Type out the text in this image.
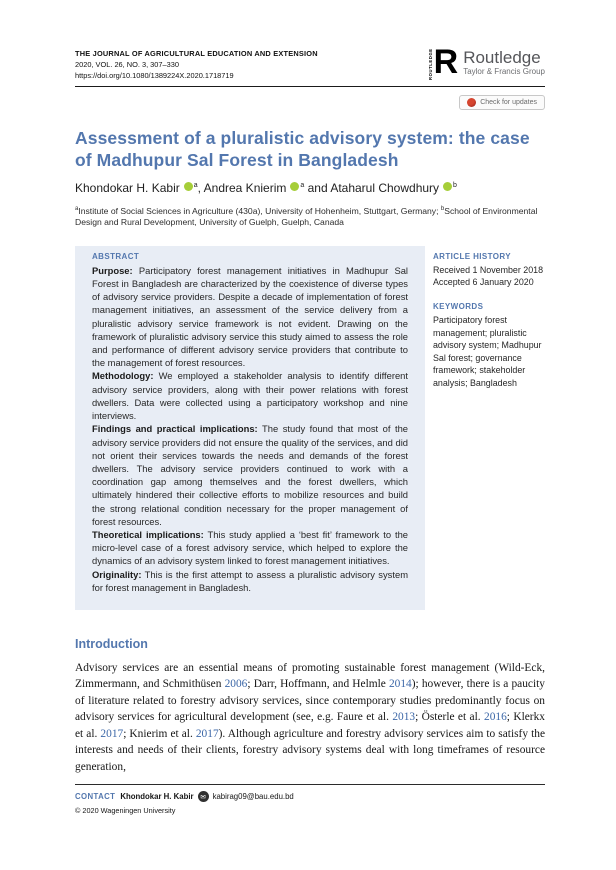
THE JOURNAL OF AGRICULTURAL EDUCATION AND EXTENSION
2020, VOL. 26, NO. 3, 307–330
https://doi.org/10.1080/1389224X.2020.1718719	ROUTLEDGE R Routledge
Taylor & Francis Group
Check for updates
Assessment of a pluralistic advisory system: the case of Madhupur Sal Forest in Bangladesh
Khondokar H. Kabir $^a$, Andrea Knierim $^a$ and Ataharul Chowdhury $^b$
$^a$Institute of Social Sciences in Agriculture (430a), University of Hohenheim, Stuttgart, Germany; $^b$School of Environmental Design and Rural Development, University of Guelph, Guelph, Canada
ABSTRACT
Purpose: Participatory forest management initiatives in Madhupur Sal Forest in Bangladesh are characterized by the coexistence of diverse types of advisory service providers. Despite a decade of implementation of forest management initiatives, an assessment of the service delivery from a pluralistic advisory service framework is not evident. Drawing on the framework of pluralistic advisory service this study aimed to assess the role and performance of different advisory service providers that contribute to the management of forest resources.
Methodology: We employed a stakeholder analysis to identify different advisory service providers, along with their power relations with forest dwellers. Data were collected using a participatory workshop and nine interviews.
Findings and practical implications: The study found that most of the advisory service providers did not ensure the quality of the services, and did not orient their services towards the needs and demands of the forest dwellers. The advisory service providers continued to work with a coordination gap among themselves and the forest dwellers, which ultimately hindered their collective efforts to mobilize resources and build the strong relational condition necessary for the proper management of forest resources.
Theoretical implications: This study applied a ‘best fit’ framework to the micro-level case of a forest advisory service, which helped to explore the dynamics of an advisory system linked to forest management initiatives.
Originality: This is the first attempt to assess a pluralistic advisory system for forest management in Bangladesh.
ARTICLE HISTORY
Received 1 November 2018
Accepted 6 January 2020
KEYWORDS
Participatory forest management; pluralistic advisory system; Madhupur Sal forest; governance framework; stakeholder analysis; Bangladesh
Introduction

Advisory services are an essential means of promoting sustainable forest management (Wild-Eck, Zimmermann, and Schmithüsen 2006; Darr, Hoffmann, and Helmle 2014); however, there is a paucity of literature related to forestry advisory services, since contemporary studies predominantly focus on advisory services for agricultural development (see, e.g. Faure et al. 2013; Österle et al. 2016; Klerkx et al. 2017; Knierim et al. 2017). Although agriculture and forestry advisory services aim to satisfy the interests and needs of their clients, forestry advisory systems deal with long timeframes of resource generation,

CONTACT Khondokar H. Kabir ✉ kabirag09@bau.edu.bd
© 2020 Wageningen University
